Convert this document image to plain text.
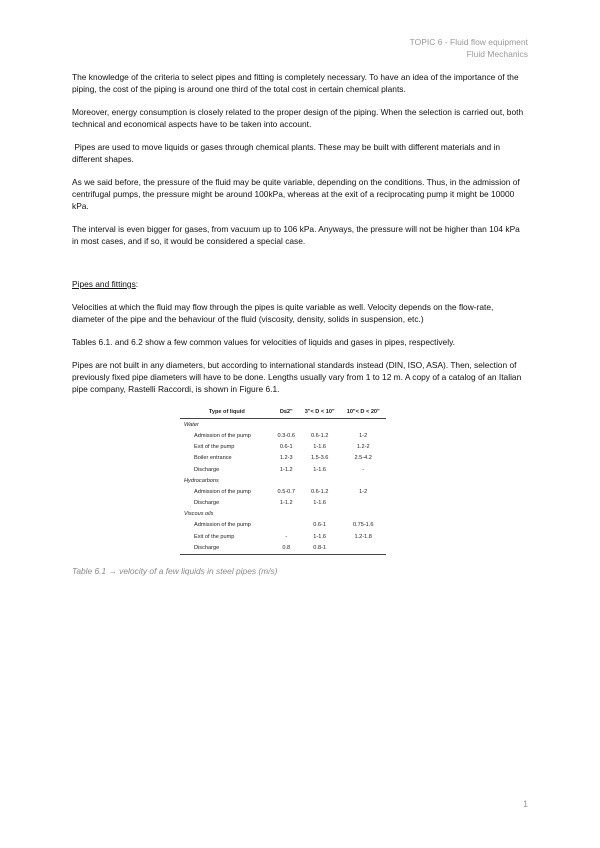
TOPIC 6 - Fluid flow equipment
Fluid Mechanics

The knowledge of the criteria to select pipes and fitting is completely necessary. To have an idea of the importance of the piping, the cost of the piping is around one third of the total cost in certain chemical plants.

Moreover, energy consumption is closely related to the proper design of the piping. When the selection is carried out, both technical and economical aspects have to be taken into account.

Pipes are used to move liquids or gases through chemical plants. These may be built with different materials and in different shapes.

As we said before, the pressure of the fluid may be quite variable, depending on the conditions. Thus, in the admission of centrifugal pumps, the pressure might be around 100kPa, whereas at the exit of a reciprocating pump it might be 10000 kPa.

The interval is even bigger for gases, from vacuum up to 106 kPa. Anyways, the pressure will not be higher than 104 kPa in most cases, and if so, it would be considered a special case.

Pipes and fittings:

Velocities at which the fluid may flow through the pipes is quite variable as well. Velocity depends on the flow-rate, diameter of the pipe and the behaviour of the fluid (viscosity, density, solids in suspension, etc.)

Tables 6.1. and 6.2 show a few common values for velocities of liquids and gases in pipes, respectively.

Pipes are not built in any diameters, but according to international standards instead (DIN, ISO, ASA). Then, selection of previously fixed pipe diameters will have to be done. Lengths usually vary from 1 to 12 m. A copy of a catalog of an Italian pipe company, Rastelli Raccordi, is shown in Figure 6.1.

Type of liquid	D≤2"	3"< D < 10"	10"< D < 20"
Water			
Admission of the pump	0.3-0.6	0.6-1.2	1-2
Exit of the pump	0.6-1	1-1.6	1.2-2
Boiler entrance	1.2-3	1.5-3.6	2.5-4.2
Discharge	1-1.2	1-1.6	-
Hydrocarbons			
Admission of the pump	0.5-0.7	0.6-1.2	1-2
Discharge	1-1.2	1-1.6	
Viscous oils			
Admission of the pump		0.6-1	0.75-1.6
Exit of the pump	-	1-1.6	1.2-1.8
Discharge	0.8	0.8-1	
Table 6.1 → velocity of a few liquids in steel pipes (m/s)
1
